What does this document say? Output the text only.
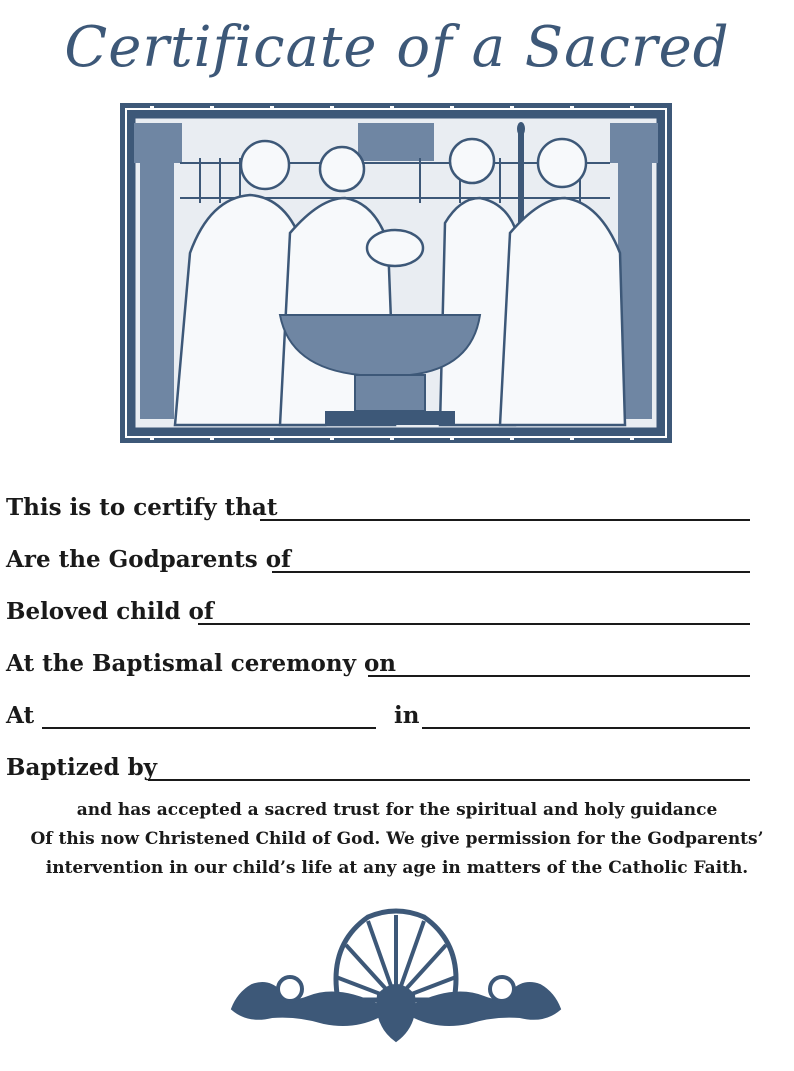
Certificate of a Sacred
This is to certify that
Are the Godparents of
Beloved child of
At the Baptismal ceremony on
At	in
Baptized by
and has accepted a sacred trust for the spiritual and holy guidance
Of this now Christened Child of God. We give permission for the Godparents’
intervention in our child’s life at any age in matters of the Catholic Faith.
